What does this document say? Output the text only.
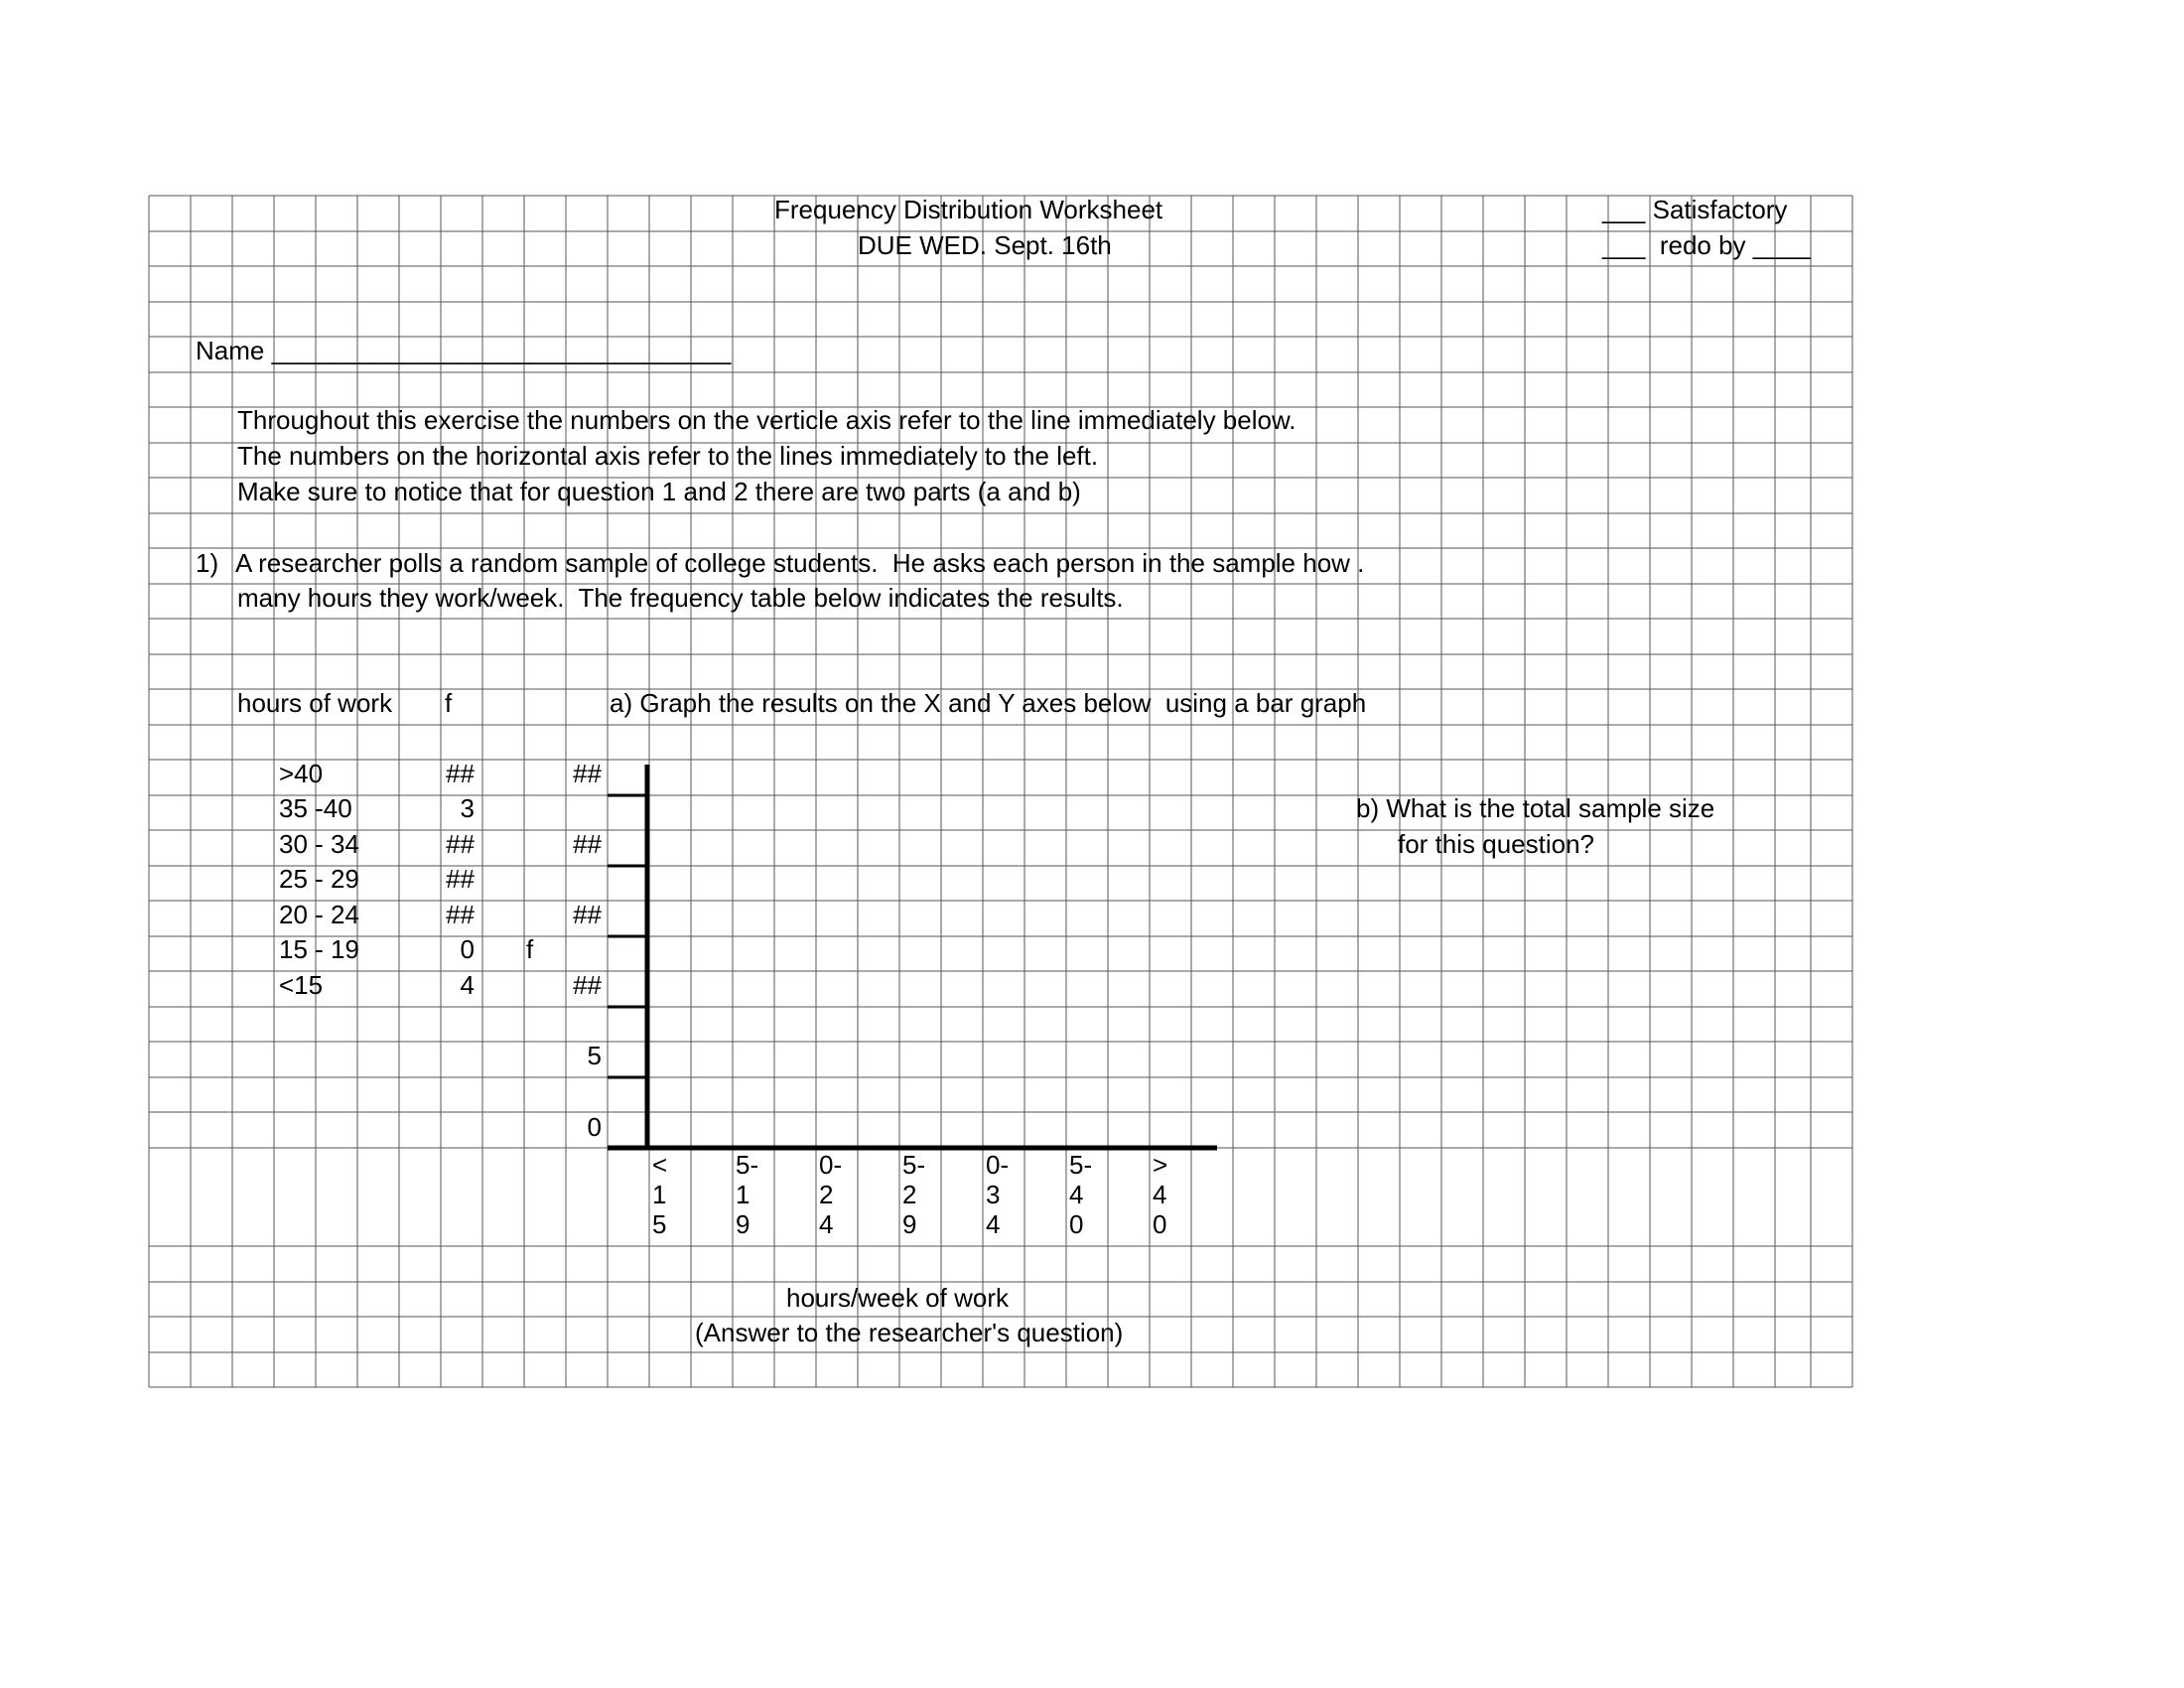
Frequency Distribution Worksheet
DUE WED. Sept. 16th
___ Satisfactory
___  redo by ____
Name ________________________________
Throughout this exercise the numbers on the verticle axis refer to the line immediately below.
The numbers on the horizontal axis refer to the lines immediately to the left.
Make sure to notice that for question 1 and 2 there are two parts (a and b)
1) A researcher polls a random sample of college students.  He asks each person in the sample how .
many hours they work/week.  The frequency table below indicates the results.
hours of work f
>40	##
35 -40	3
30 - 34	##
25 - 29	##
20 - 24	##
15 - 19	0
<15	4
a) Graph the results on the X and Y axes below  using a bar graph
b) What is the total sample size
for this question?
f
0
5
##
##
##
##
<
1
5
5-
1
9
0-
2
4
5-
2
9
0-
3
4
5-
4
0
>
4
0
hours/week of work
(Answer to the researcher's question)
